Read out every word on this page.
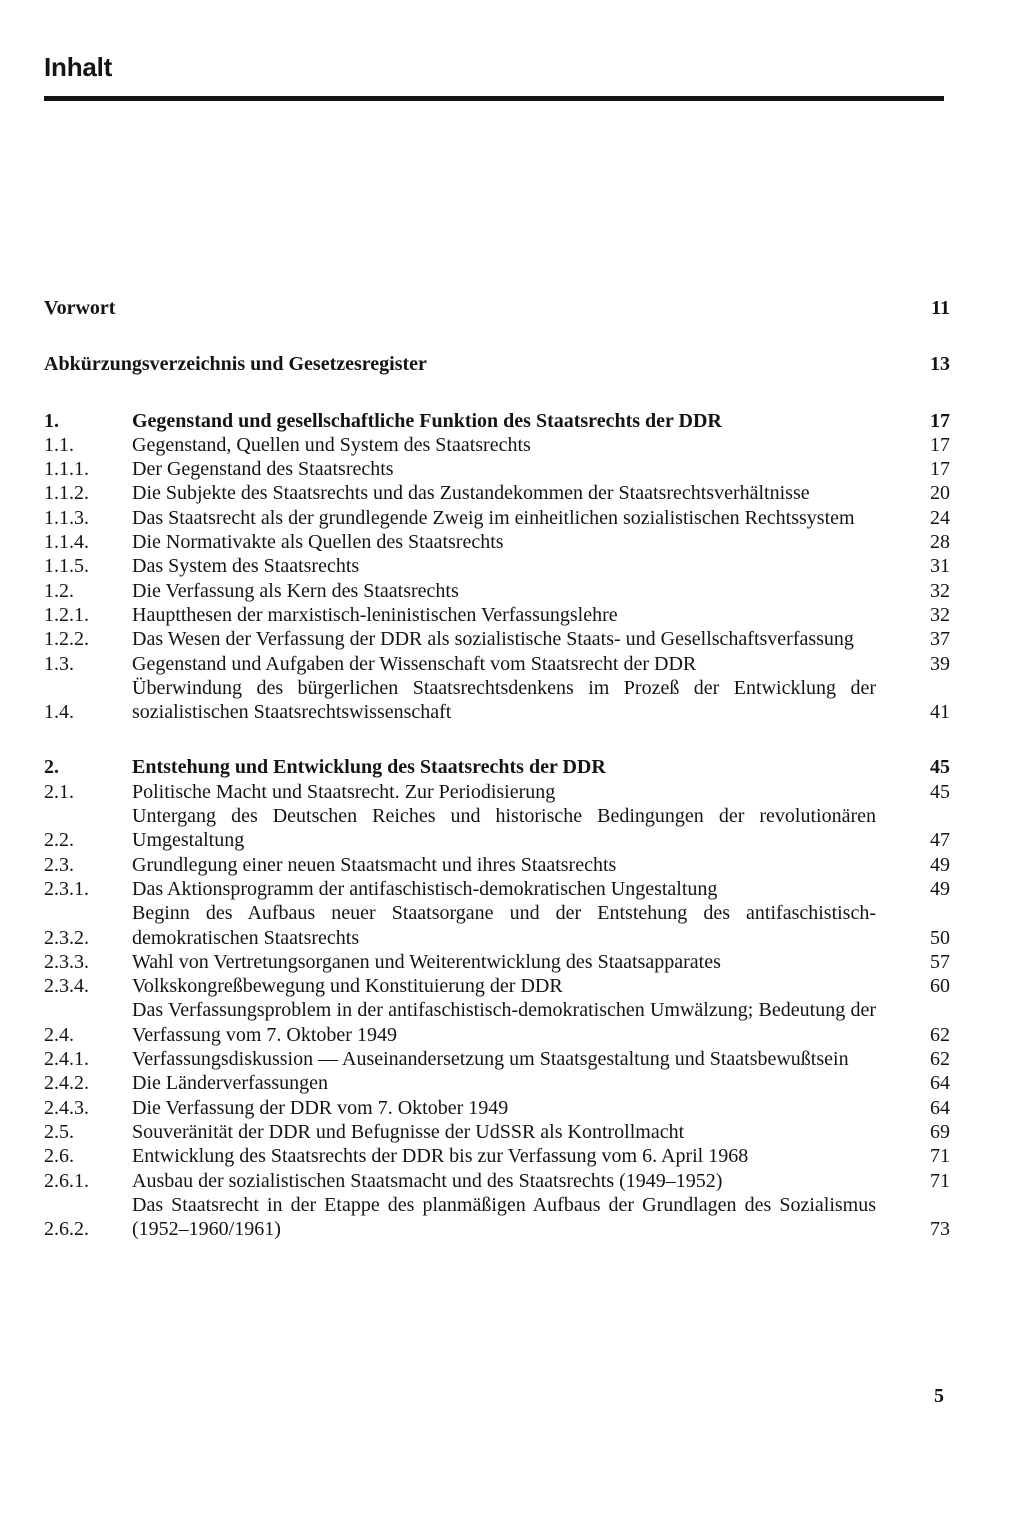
Inhalt
Vorwort	11
Abkürzungsverzeichnis und Gesetzesregister	13
1.	Gegenstand und gesellschaftliche Funktion des Staatsrechts der DDR	17
1.1.	Gegenstand, Quellen und System des Staatsrechts	17
1.1.1.	Der Gegenstand des Staatsrechts	17
1.1.2.	Die Subjekte des Staatsrechts und das Zustandekommen der Staatsrechtsverhältnisse	20
1.1.3.	Das Staatsrecht als der grundlegende Zweig im einheitlichen sozialistischen Rechtssystem	24
1.1.4.	Die Normativakte als Quellen des Staatsrechts	28
1.1.5.	Das System des Staatsrechts	31
1.2.	Die Verfassung als Kern des Staatsrechts	32
1.2.1.	Hauptthesen der marxistisch-leninistischen Verfassungslehre	32
1.2.2.	Das Wesen der Verfassung der DDR als sozialistische Staats- und Gesellschaftsverfassung	37
1.3.	Gegenstand und Aufgaben der Wissenschaft vom Staatsrecht der DDR	39
1.4.
Überwindung des bürgerlichen Staatsrechtsdenkens im Prozeß der Entwicklung der sozialistischen Staatsrechtswissenschaft	41
2.	Entstehung und Entwicklung des Staatsrechts der DDR	45
2.1.	Politische Macht und Staatsrecht. Zur Periodisierung	45
2.2.
Untergang des Deutschen Reiches und historische Bedingungen der revolutionären Umgestaltung	47
2.3.	Grundlegung einer neuen Staatsmacht und ihres Staatsrechts	49
2.3.1.	Das Aktionsprogramm der antifaschistisch-demokratischen Ungestaltung	49
2.3.2.
Beginn des Aufbaus neuer Staatsorgane und der Entstehung des antifaschistisch-demokratischen Staatsrechts	50
2.3.3.	Wahl von Vertretungsorganen und Weiterentwicklung des Staatsapparates	57
2.3.4.	Volkskongreßbewegung und Konstituierung der DDR	60
2.4.
Das Verfassungsproblem in der antifaschistisch-demokratischen Umwälzung; Bedeutung der Verfassung vom 7. Oktober 1949	62
2.4.1.	Verfassungsdiskussion — Auseinandersetzung um Staatsgestaltung und Staatsbewußtsein	62
2.4.2.	Die Länderverfassungen	64
2.4.3.	Die Verfassung der DDR vom 7. Oktober 1949	64
2.5.	Souveränität der DDR und Befugnisse der UdSSR als Kontrollmacht	69
2.6.	Entwicklung des Staatsrechts der DDR bis zur Verfassung vom 6. April 1968	71
2.6.1.	Ausbau der sozialistischen Staatsmacht und des Staatsrechts (1949–1952)	71
2.6.2.
Das Staatsrecht in der Etappe des planmäßigen Aufbaus der Grundlagen des Sozialismus (1952–1960/1961)	73
5
